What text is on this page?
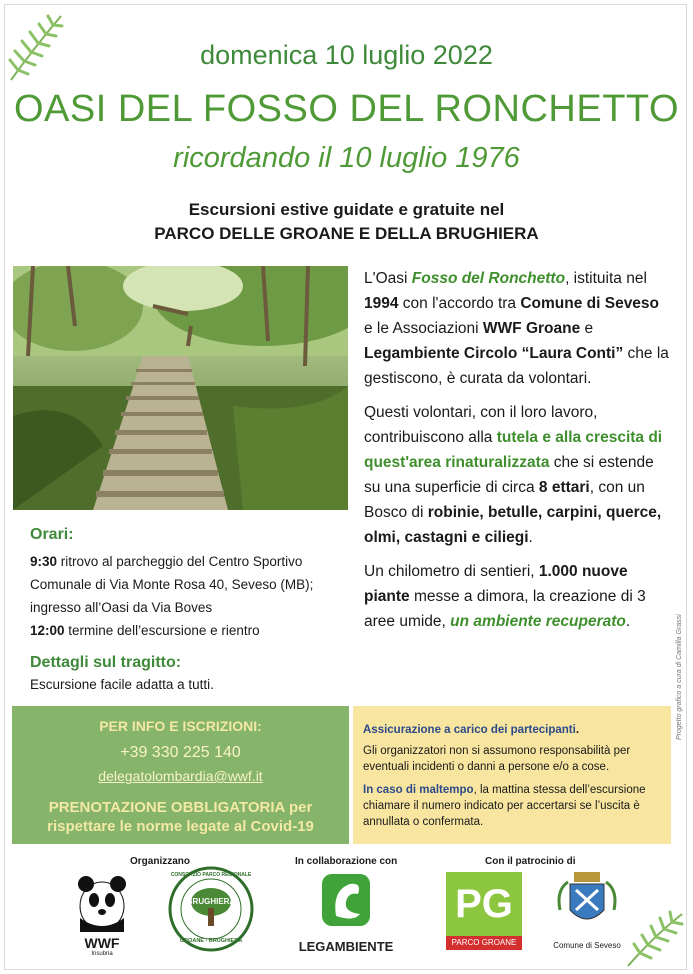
domenica 10 luglio 2022
OASI DEL FOSSO DEL RONCHETTO
ricordando il 10 luglio 1976
Escursioni estive guidate e gratuite nel
PARCO DELLE GROANE E DELLA BRUGHIERA

L'Oasi Fosso del Ronchetto, istituita nel 1994 con l'accordo tra Comune di Seveso e le Associazioni WWF Groane e Legambiente Circolo “Laura Conti” che la gestiscono, è curata da volontari.

Questi volontari, con il loro lavoro, contribuiscono alla tutela e alla crescita di quest'area rinaturalizzata che si estende su una superficie di circa 8 ettari, con un Bosco di robinie, betulle, carpini, querce, olmi, castagni e ciliegi.

Un chilometro di sentieri, 1.000 nuove piante messe a dimora, la creazione di 3 aree umide, un ambiente recuperato.

Orari:
9:30 ritrovo al parcheggio del Centro Sportivo Comunale di Via Monte Rosa 40, Seveso (MB); ingresso all’Oasi da Via Boves
12:00 termine dell’escursione e rientro
Dettagli sul tragitto:
Escursione facile adatta a tutti.
PER INFO E ISCRIZIONI:
+39 330 225 140
delegatolombardia@wwf.it
PRENOTAZIONE OBBLIGATORIA per
rispettare le norme legate al Covid-19
Assicurazione a carico dei partecipanti.
Gli organizzatori non si assumono responsabilità per eventuali incidenti o danni a persone e/o a cose.
In caso di maltempo, la mattina stessa dell’escursione chiamare il numero indicato per accertarsi se l’uscita è annullata o confermata.
Progetto grafico a cura di Camilla Grassi
Organizzano	In collaborazione con	Con il patrocinio di
WWF
Insubria
CONSORZIO PARCO REGIONALE
BRUGHIERA
GROANE - BRUGHIERA	LEGAMBIENTE
PG
PARCO GROANE	Comune di Seveso
